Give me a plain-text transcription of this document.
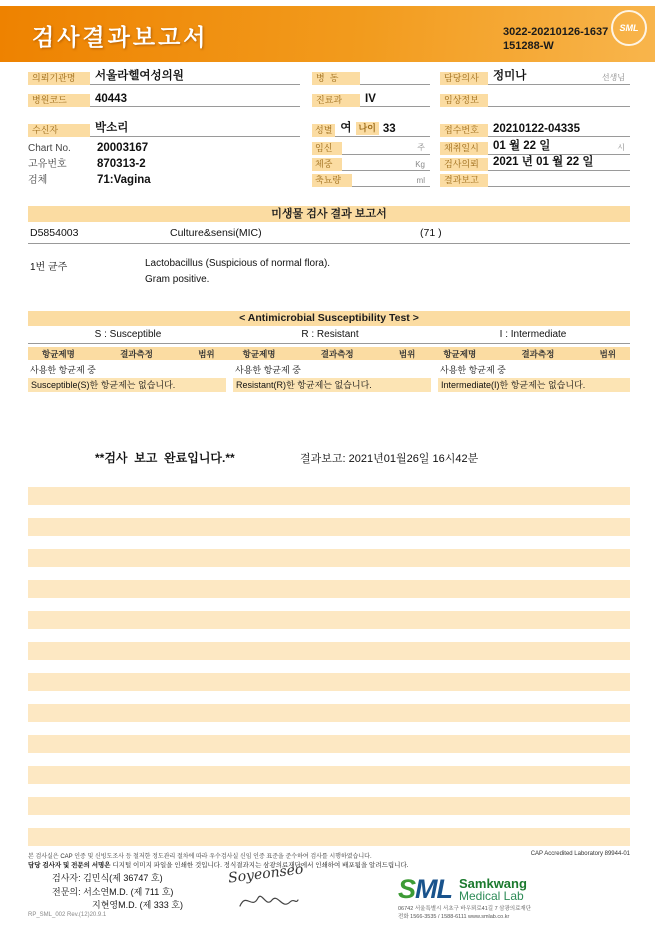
검사결과보고서	3022-20210126-1637
151288-W
SML
의뢰기관명	서울라헬여성의원	병  동	담당의사	정미나	선생님
병원코드	40443	진료과	IV	임상정보
수신자	박소리	성별 여 나이 33	접수번호	20210122-04335
Chart No.	20003167	임신	주	채취일시	01 월 22 일	시
고유번호	870313-2	체중	Kg	검사의뢰	2021 년 01 월 22 일
검체	71:Vagina	축뇨량	ml	결과보고
미생물 검사 결과 보고서
D5854003	Culture&sensi(MIC)	(71 )
1번 균주	Lactobacillus (Suspicious of normal flora).
Gram positive.
< Antimicrobial Susceptibility Test >
S : Susceptible	R : Resistant	I : Intermediate
항균제명	결과측정	범위	항균제명	결과측정	범위	항균제명	결과측정	범위
사용한 항균제 중	사용한 항균제 중	사용한 항균제 중
Susceptible(S)한 항균제는 없습니다.	Resistant(R)한 항균제는 없습니다.	Intermediate(I)한 항균제는 없습니다.
**검사  보고  완료입니다.**	결과보고: 2021년01월26일 16시42분
본 검사실은 CAP 인증 및 신빙도조사 등 철저한 정도관리 절차에 따라 우수검사실 신임 인증 표준을 준수하여 검사를 시행하였습니다.	CAP Accredited Laboratory 89944-01
담당 검사자 및 전문의 서명은 디지털 이미지 파일을 인쇄한 것입니다. 정식결과지는 삼광의료재단에서 인쇄하여 배포됨을 알려드립니다.
검사자: 김민식(제 36747 호)
전문의: 서소연M.D. (제 711 호)
지현영M.D. (제 333 호)
Soyeonseo	SML Samkwang
Medical Lab
06742 서울특별시 서초구 바우뫼로41길 7 삼광의료재단
전화 1566-3535 / 1588-6111 www.smlab.co.kr
RP_SML_002 Rev.(12)20.9.1
